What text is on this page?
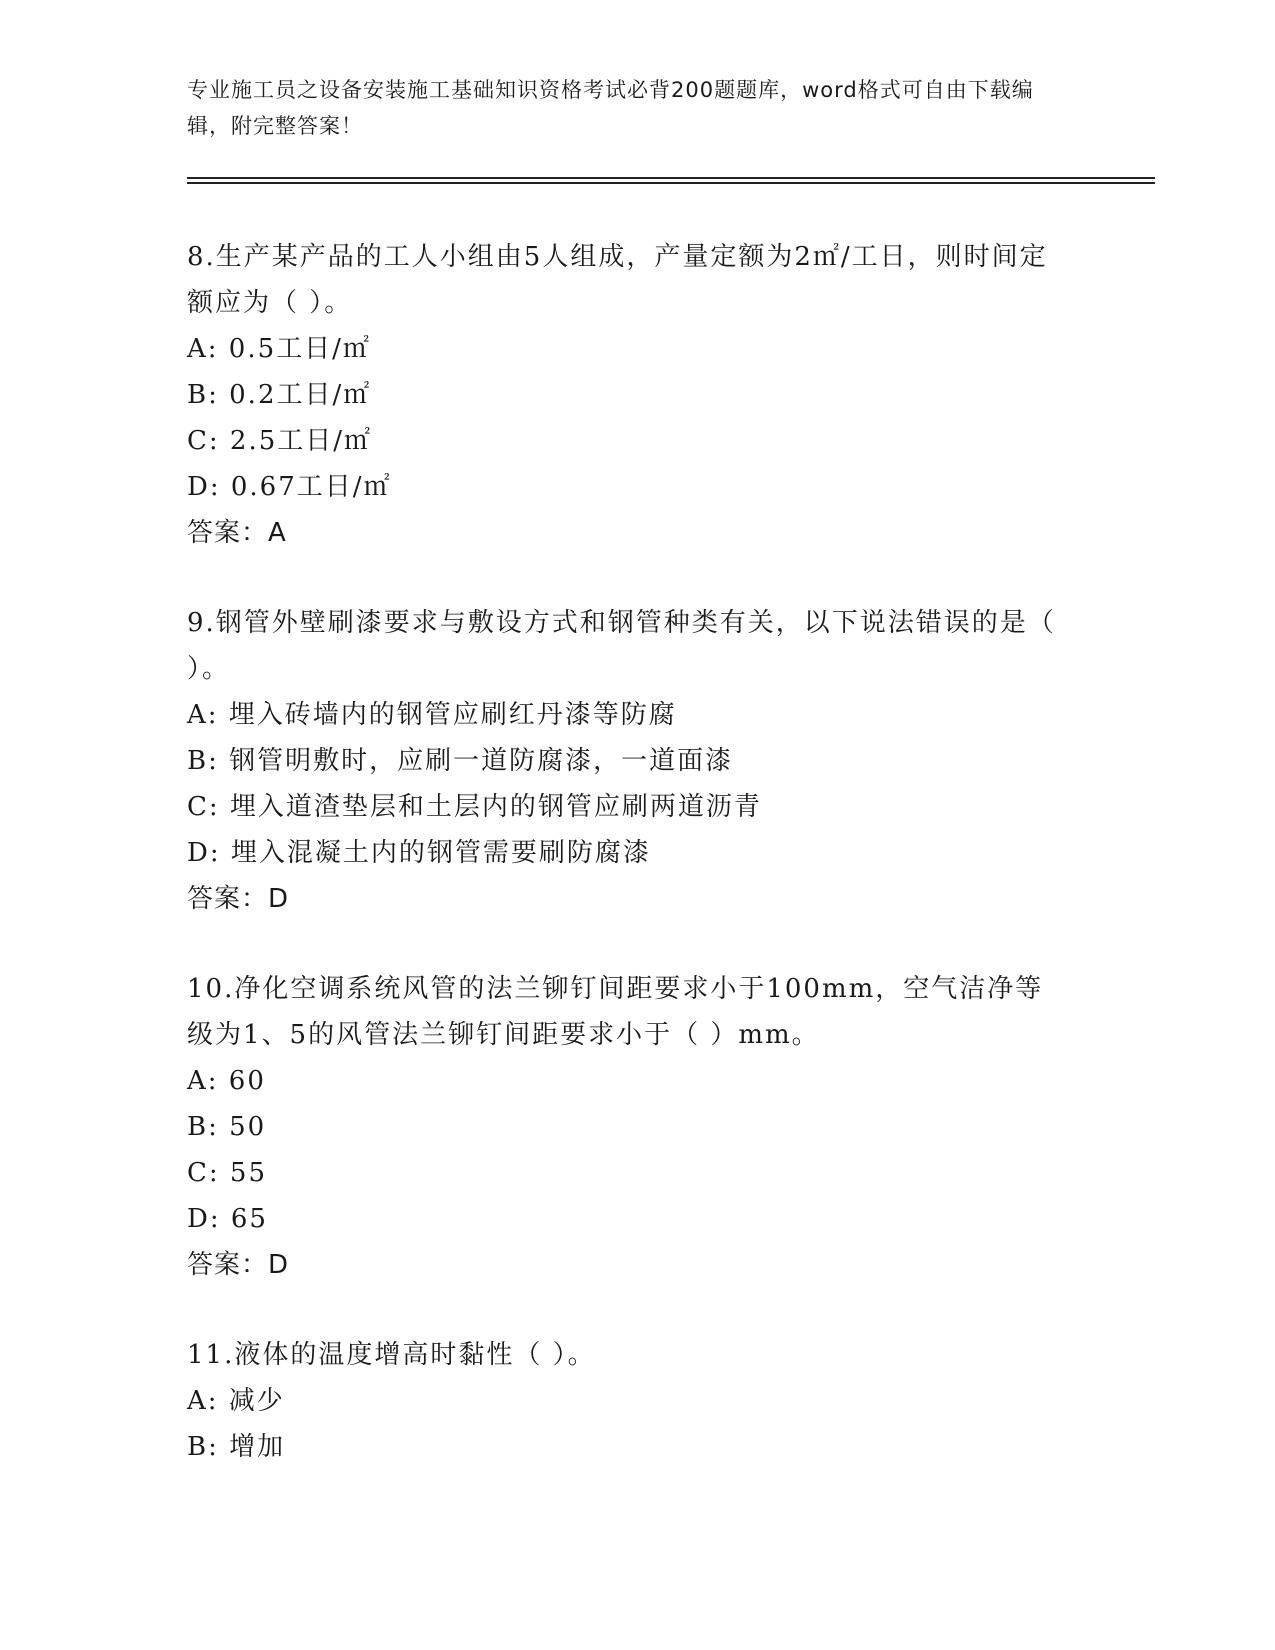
专业施工员之设备安装施工基础知识资格考试必背200题题库，word格式可自由下载编辑，附完整答案！

8.生产某产品的工人小组由5人组成，产量定额为2㎡/工日，则时间定额应为（ ）。

A: 0.5工日/㎡

B: 0.2工日/㎡

C: 2.5工日/㎡

D: 0.67工日/㎡

答案：A

9.钢管外壁刷漆要求与敷设方式和钢管种类有关，以下说法错误的是（ ）。

A: 埋入砖墙内的钢管应刷红丹漆等防腐

B: 钢管明敷时，应刷一道防腐漆，一道面漆

C: 埋入道渣垫层和土层内的钢管应刷两道沥青

D: 埋入混凝土内的钢管需要刷防腐漆

答案：D

10.净化空调系统风管的法兰铆钉间距要求小于100mm，空气洁净等级为1、5的风管法兰铆钉间距要求小于（ ）mm。

A: 60

B: 50

C: 55

D: 65

答案：D

11.液体的温度增高时黏性（ ）。

A: 减少

B: 增加
